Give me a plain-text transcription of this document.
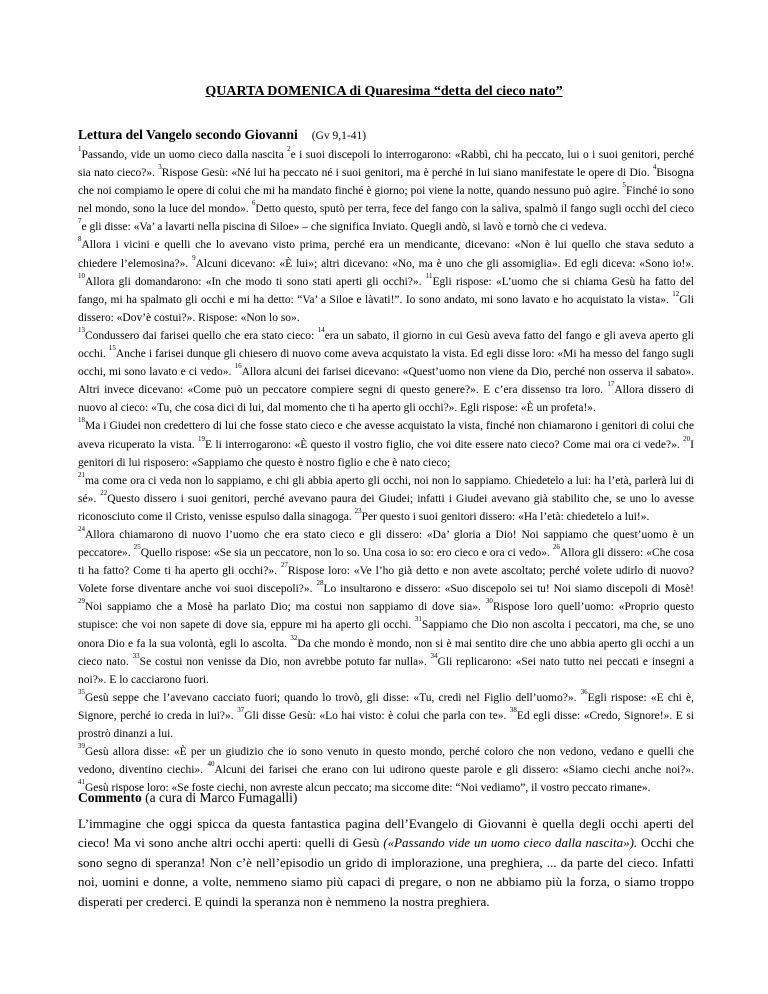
QUARTA DOMENICA di Quaresima “detta del cieco nato”
Lettura del Vangelo secondo Giovanni (Gv 9,1-41)

$^1$Passando, vide un uomo cieco dalla nascita $^2$e i suoi discepoli lo interrogarono: «Rabbì, chi ha peccato, lui o i suoi genitori, perché sia nato cieco?». $^3$Rispose Gesù: «Né lui ha peccato né i suoi genitori, ma è perché in lui siano manifestate le opere di Dio. $^4$Bisogna che noi compiamo le opere di colui che mi ha mandato finché è giorno; poi viene la notte, quando nessuno può agire. $^5$Finché io sono nel mondo, sono la luce del mondo». $^6$Detto questo, sputò per terra, fece del fango con la saliva, spalmò il fango sugli occhi del cieco $^7$e gli disse: «Va’ a lavarti nella piscina di Siloe» – che significa Inviato. Quegli andò, si lavò e tornò che ci vedeva.

$^8$Allora i vicini e quelli che lo avevano visto prima, perché era un mendicante, dicevano: «Non è lui quello che stava seduto a chiedere l’elemosina?». $^9$Alcuni dicevano: «È lui»; altri dicevano: «No, ma è uno che gli assomiglia». Ed egli diceva: «Sono io!». $^{10}$Allora gli domandarono: «In che modo ti sono stati aperti gli occhi?». $^{11}$Egli rispose: «L’uomo che si chiama Gesù ha fatto del fango, mi ha spalmato gli occhi e mi ha detto: “Va’ a Siloe e làvati!”. Io sono andato, mi sono lavato e ho acquistato la vista». $^{12}$Gli dissero: «Dov’è costui?». Rispose: «Non lo so».

$^{13}$Condussero dai farisei quello che era stato cieco: $^{14}$era un sabato, il giorno in cui Gesù aveva fatto del fango e gli aveva aperto gli occhi. $^{15}$Anche i farisei dunque gli chiesero di nuovo come aveva acquistato la vista. Ed egli disse loro: «Mi ha messo del fango sugli occhi, mi sono lavato e ci vedo». $^{16}$Allora alcuni dei farisei dicevano: «Quest’uomo non viene da Dio, perché non osserva il sabato». Altri invece dicevano: «Come può un peccatore compiere segni di questo genere?». E c’era dissenso tra loro. $^{17}$Allora dissero di nuovo al cieco: «Tu, che cosa dici di lui, dal momento che ti ha aperto gli occhi?». Egli rispose: «È un profeta!».

$^{18}$Ma i Giudei non credettero di lui che fosse stato cieco e che avesse acquistato la vista, finché non chiamarono i genitori di colui che aveva ricuperato la vista. $^{19}$E li interrogarono: «È questo il vostro figlio, che voi dite essere nato cieco? Come mai ora ci vede?». $^{20}$I genitori di lui risposero: «Sappiamo che questo è nostro figlio e che è nato cieco;

$^{21}$ma come ora ci veda non lo sappiamo, e chi gli abbia aperto gli occhi, noi non lo sappiamo. Chiedetelo a lui: ha l’età, parlerà lui di sé». $^{22}$Questo dissero i suoi genitori, perché avevano paura dei Giudei; infatti i Giudei avevano già stabilito che, se uno lo avesse riconosciuto come il Cristo, venisse espulso dalla sinagoga. $^{23}$Per questo i suoi genitori dissero: «Ha l’età: chiedetelo a lui!».

$^{24}$Allora chiamarono di nuovo l’uomo che era stato cieco e gli dissero: «Da’ gloria a Dio! Noi sappiamo che quest’uomo è un peccatore». $^{25}$Quello rispose: «Se sia un peccatore, non lo so. Una cosa io so: ero cieco e ora ci vedo». $^{26}$Allora gli dissero: «Che cosa ti ha fatto? Come ti ha aperto gli occhi?». $^{27}$Rispose loro: «Ve l’ho già detto e non avete ascoltato; perché volete udirlo di nuovo? Volete forse diventare anche voi suoi discepoli?». $^{28}$Lo insultarono e dissero: «Suo discepolo sei tu! Noi siamo discepoli di Mosè! $^{29}$Noi sappiamo che a Mosè ha parlato Dio; ma costui non sappiamo di dove sia». $^{30}$Rispose loro quell’uomo: «Proprio questo stupisce: che voi non sapete di dove sia, eppure mi ha aperto gli occhi. $^{31}$Sappiamo che Dio non ascolta i peccatori, ma che, se uno onora Dio e fa la sua volontà, egli lo ascolta. $^{32}$Da che mondo è mondo, non si è mai sentito dire che uno abbia aperto gli occhi a un cieco nato. $^{33}$Se costui non venisse da Dio, non avrebbe potuto far nulla». $^{34}$Gli replicarono: «Sei nato tutto nei peccati e insegni a noi?». E lo cacciarono fuori.

$^{35}$Gesù seppe che l’avevano cacciato fuori; quando lo trovò, gli disse: «Tu, credi nel Figlio dell’uomo?». $^{36}$Egli rispose: «E chi è, Signore, perché io creda in lui?». $^{37}$Gli disse Gesù: «Lo hai visto: è colui che parla con te». $^{38}$Ed egli disse: «Credo, Signore!». E si prostrò dinanzi a lui.

$^{39}$Gesù allora disse: «È per un giudizio che io sono venuto in questo mondo, perché coloro che non vedono, vedano e quelli che vedono, diventino ciechi». $^{40}$Alcuni dei farisei che erano con lui udirono queste parole e gli dissero: «Siamo ciechi anche noi?». $^{41}$Gesù rispose loro: «Se foste ciechi, non avreste alcun peccato; ma siccome dite: “Noi vediamo”, il vostro peccato rimane».

Commento (a cura di Marco Fumagalli)

L’immagine che oggi spicca da questa fantastica pagina dell’Evangelo di Giovanni è quella degli occhi aperti del cieco! Ma vi sono anche altri occhi aperti: quelli di Gesù («Passando vide un uomo cieco dalla nascita»). Occhi che sono segno di speranza! Non c’è nell’episodio un grido di implorazione, una preghiera, ... da parte del cieco. Infatti noi, uomini e donne, a volte, nemmeno siamo più capaci di pregare, o non ne abbiamo più la forza, o siamo troppo disperati per crederci. E quindi la speranza non è nemmeno la nostra preghiera.
